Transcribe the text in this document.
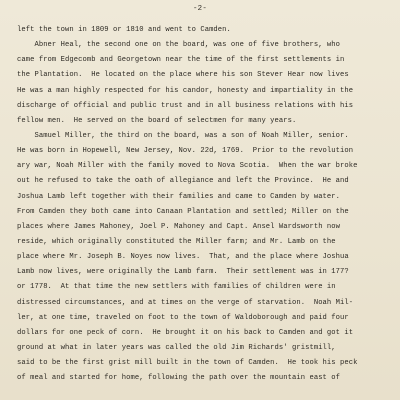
-2-
left the town in 1809 or 1810 and went to Camden.
Abner Heal, the second one on the board, was one of five brothers, who
came from Edgecomb and Georgetown near the time of the first settlements in
the Plantation.  He located on the place where his son Stever Hear now lives
He was a man highly respected for his candor, honesty and impartiality in the
discharge of official and public trust and in all business relations with his
fellow men.  He served on the board of selectmen for many years.
Samuel Miller, the third on the board, was a son of Noah Miller, senior.
He was born in Hopewell, New Jersey, Nov. 22d, 1769.  Prior to the revolution
ary war, Noah Miller with the family moved to Nova Scotia.  When the war broke
out he refused to take the oath of allegiance and left the Province.  He and
Joshua Lamb left together with their families and came to Camden by water.
From Camden they both came into Canaan Plantation and settled; Miller on the
places where James Mahoney, Joel P. Mahoney and Capt. Ansel Wardsworth now
reside, which originally constituted the Miller farm; and Mr. Lamb on the
place where Mr. Joseph B. Noyes now lives.  That, and the place where Joshua
Lamb now lives, were originally the Lamb farm.  Their settlement was in 177?
or 1778.  At that time the new settlers with families of children were in
distressed circumstances, and at times on the verge of starvation.  Noah Mil-
ler, at one time, traveled on foot to the town of Waldoborough and paid four
dollars for one peck of corn.  He brought it on his back to Camden and got it
ground at what in later years was called the old Jim Richards' gristmill,
said to be the first grist mill built in the town of Camden.  He took his peck
of meal and started for home, following the path over the mountain east of
